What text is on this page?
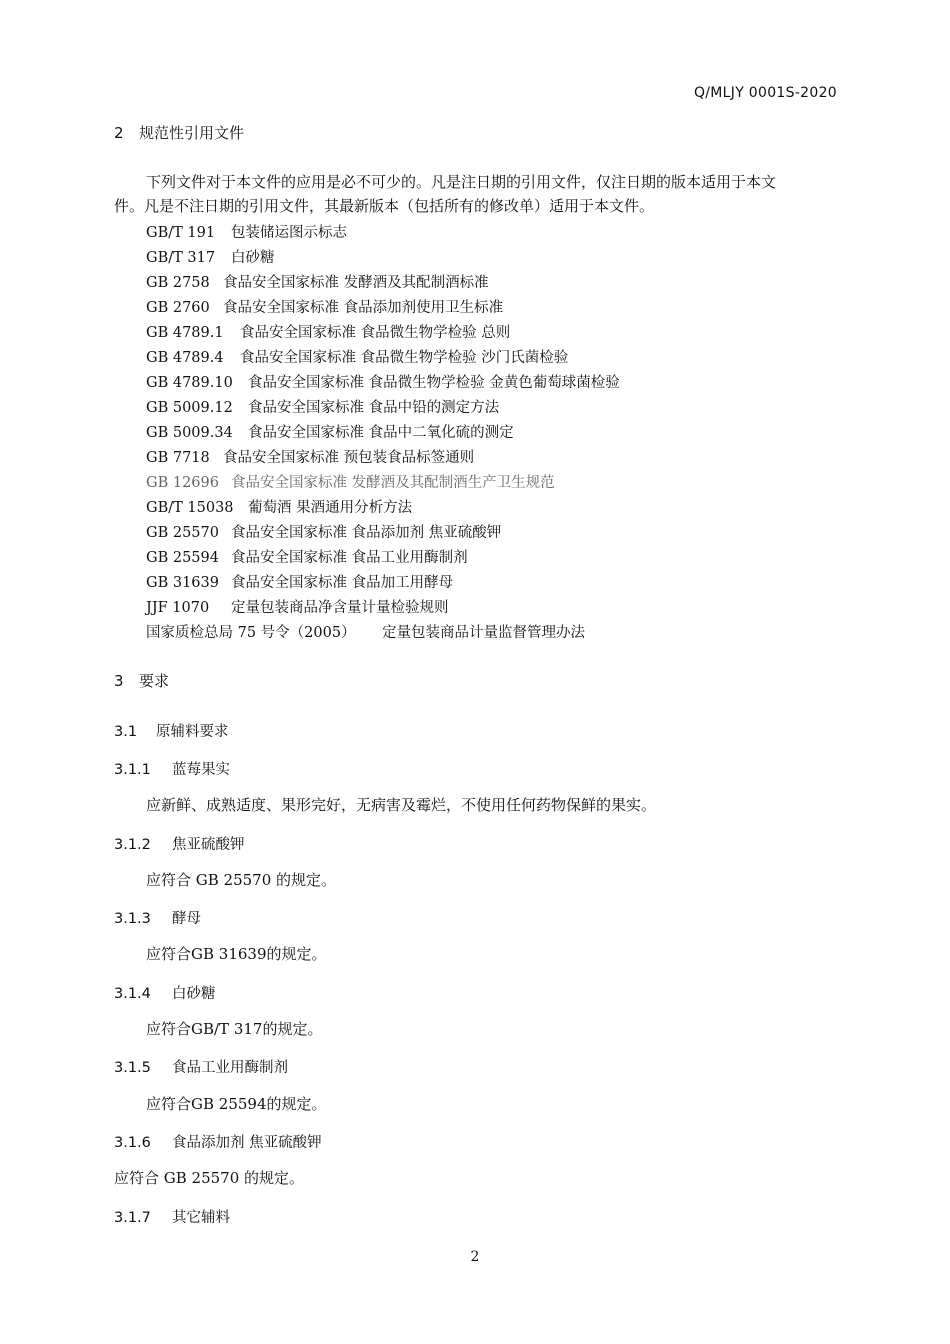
Q/MLJY 0001S-2020
2 规范性引用文件
下列文件对于本文件的应用是必不可少的。凡是注日期的引用文件，仅注日期的版本适用于本文
件。凡是不注日期的引用文件，其最新版本（包括所有的修改单）适用于本文件。
GB/T 191 包装储运图示标志
GB/T 317 白砂糖
GB 2758 食品安全国家标准 发酵酒及其配制酒标准
GB 2760 食品安全国家标准 食品添加剂使用卫生标准
GB 4789.1 食品安全国家标准 食品微生物学检验 总则
GB 4789.4 食品安全国家标准 食品微生物学检验 沙门氏菌检验
GB 4789.10 食品安全国家标准 食品微生物学检验 金黄色葡萄球菌检验
GB 5009.12 食品安全国家标准 食品中铅的测定方法
GB 5009.34 食品安全国家标准 食品中二氧化硫的测定
GB 7718 食品安全国家标准 预包装食品标签通则
GB 12696 食品安全国家标准 发酵酒及其配制酒生产卫生规范
GB/T 15038 葡萄酒 果酒通用分析方法
GB 25570 食品安全国家标准 食品添加剂 焦亚硫酸钾
GB 25594 食品安全国家标准 食品工业用酶制剂
GB 31639 食品安全国家标准 食品加工用酵母
JJF 1070 定量包装商品净含量计量检验规则
国家质检总局 75 号令（2005） 定量包装商品计量监督管理办法
3 要求
3.1 原辅料要求
3.1.1 蓝莓果实
应新鲜、成熟适度、果形完好，无病害及霉烂，不使用任何药物保鲜的果实。
3.1.2 焦亚硫酸钾
应符合 GB 25570 的规定。
3.1.3 酵母
应符合GB 31639的规定。
3.1.4 白砂糖
应符合GB/T 317的规定。
3.1.5 食品工业用酶制剂
应符合GB 25594的规定。
3.1.6 食品添加剂 焦亚硫酸钾
应符合 GB 25570 的规定。
3.1.7 其它辅料
2
